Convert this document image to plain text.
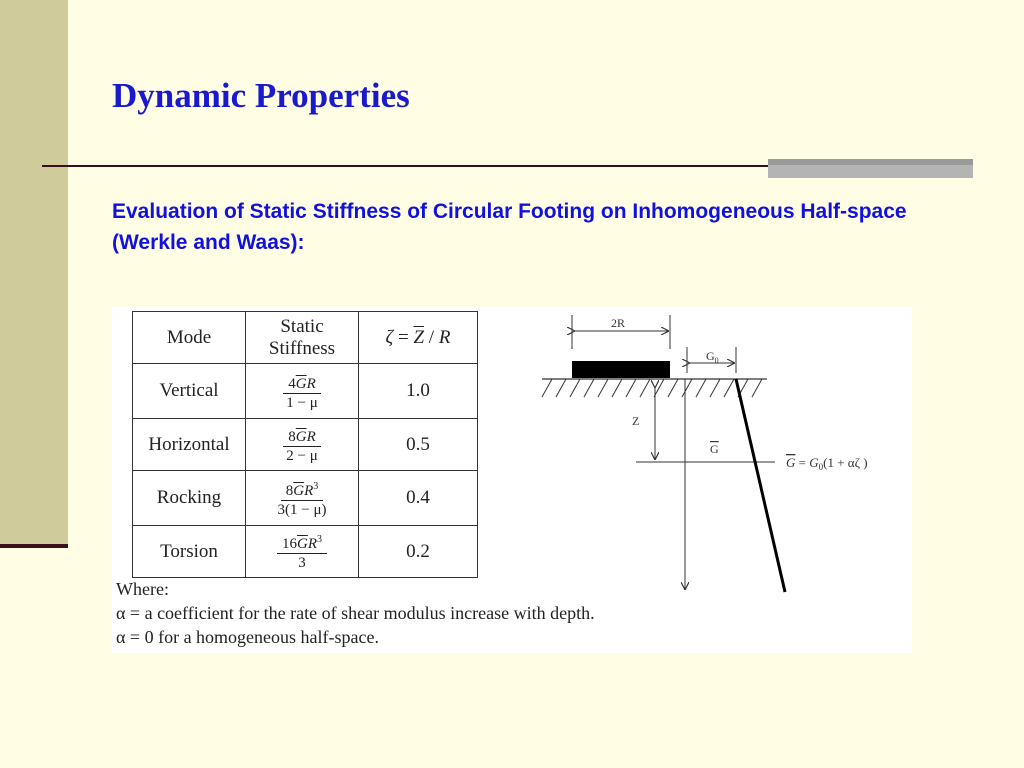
Dynamic Properties

Evaluation of Static Stiffness of Circular Footing on Inhomogeneous Half-space (Werkle and Waas):

Mode	Static Stiffness	$\zeta = \overline{Z} / R$
Vertical	$\frac{4\overline{G}R}{1 - \mu}$	1.0
Horizontal	$\frac{8\overline{G}R}{2 - \mu}$	0.5
Rocking	$\frac{8\overline{G}R^3}{3(1 - \mu)}$	0.4
Torsion	$\frac{16\overline{G}R^3}{3}$	0.2
Where:
α = a coefficient for the rate of shear modulus increase with depth.
α = 0 for a homogeneous half-space.
2R
$G_0$
Z
G
$G = G_0(1 + \alpha\zeta$ )
